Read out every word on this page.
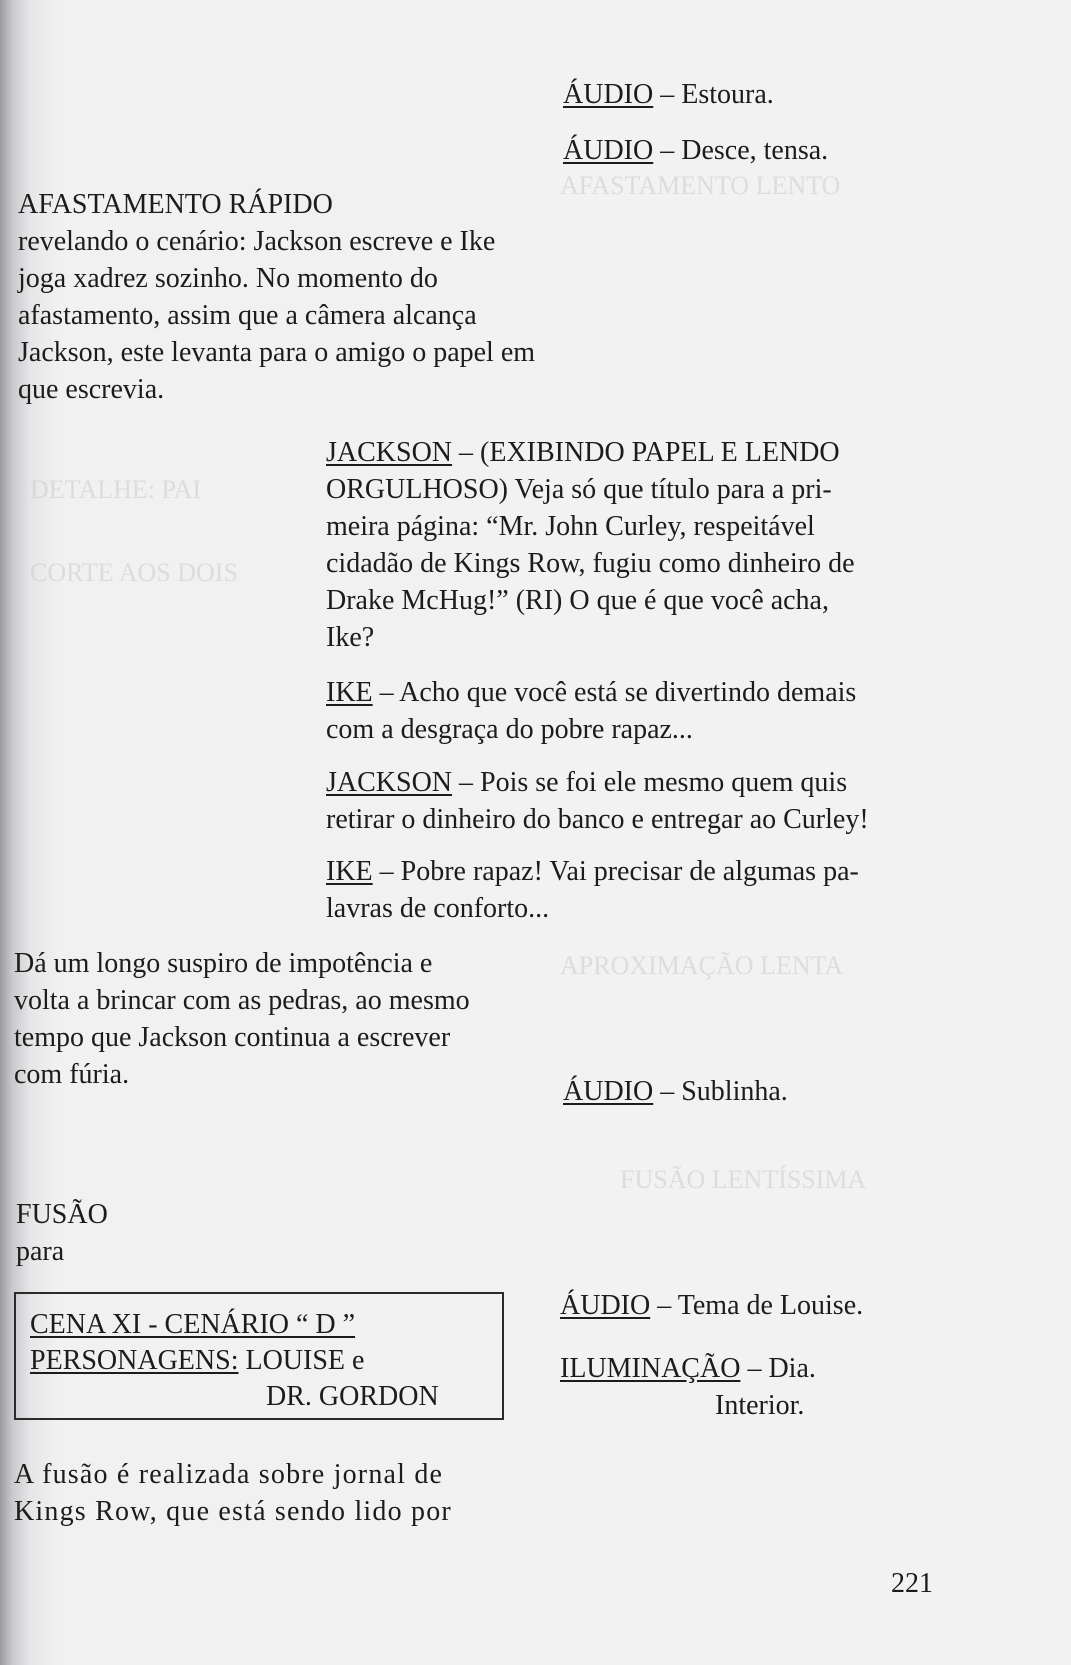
AFASTAMENTO LENTO
DETALHE: PAI
CORTE AOS DOIS
APROXIMAÇÃO LENTA
FUSÃO LENTÍSSIMA
ÁUDIO – Estoura.
ÁUDIO – Desce, tensa.
AFASTAMENTO RÁPIDO
revelando o cenário: Jackson escreve e Ike
joga xadrez sozinho. No momento do
afastamento, assim que a câmera alcança
Jackson, este levanta para o amigo o papel em
que escrevia.
JACKSON – (EXIBINDO PAPEL E LENDO
ORGULHOSO) Veja só que título para a pri-
meira página: “Mr. John Curley, respeitável
cidadão de Kings Row, fugiu como dinheiro de
Drake McHug!” (RI) O que é que você acha,
Ike?
IKE – Acho que você está se divertindo demais
com a desgraça do pobre rapaz...
JACKSON – Pois se foi ele mesmo quem quis
retirar o dinheiro do banco e entregar ao Curley!
IKE – Pobre rapaz! Vai precisar de algumas pa-
lavras de conforto...
Dá um longo suspiro de impotência e
volta a brincar com as pedras, ao mesmo
tempo que Jackson continua a escrever
com fúria.
ÁUDIO – Sublinha.
FUSÃO
para
CENA XI - CENÁRIO “ D ”
PERSONAGENS: LOUISE e
DR. GORDON
ÁUDIO – Tema de Louise.
ILUMINAÇÃO – Dia.
Interior.
A fusão é realizada sobre jornal de
Kings Row, que está sendo lido por
221
